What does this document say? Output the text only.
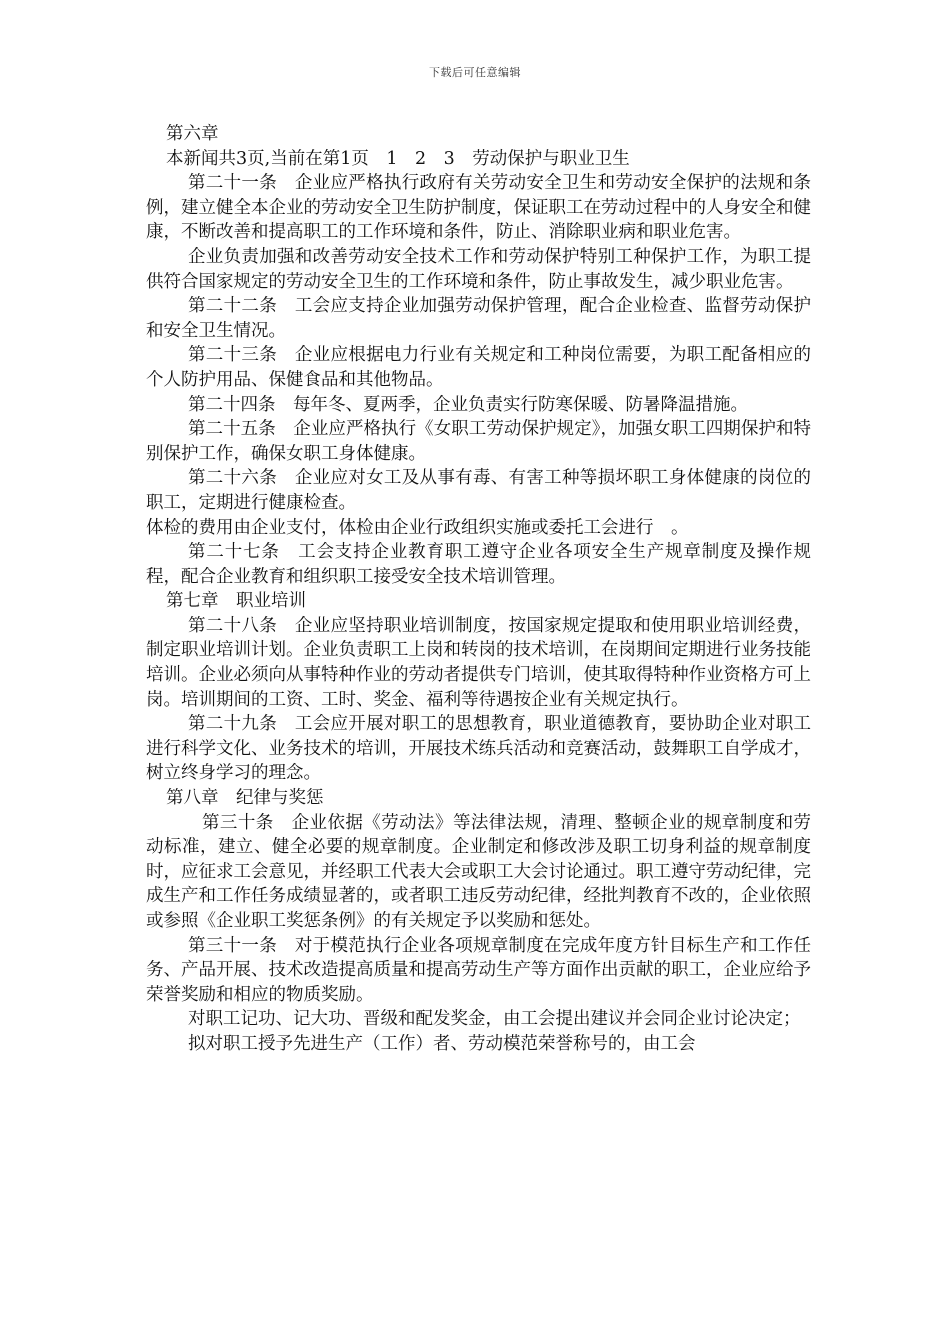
下载后可任意编辑

第六章

本新闻共3页,当前在第1页　1　2　3　劳动保护与职业卫生

第二十一条　企业应严格执行政府有关劳动安全卫生和劳动安全保护的法规和条例，建立健全本企业的劳动安全卫生防护制度，保证职工在劳动过程中的人身安全和健康，不断改善和提高职工的工作环境和条件，防止、消除职业病和职业危害。

企业负责加强和改善劳动安全技术工作和劳动保护特别工种保护工作，为职工提供符合国家规定的劳动安全卫生的工作环境和条件，防止事故发生，减少职业危害。

第二十二条　工会应支持企业加强劳动保护管理，配合企业检查、监督劳动保护和安全卫生情况。

第二十三条　企业应根据电力行业有关规定和工种岗位需要，为职工配备相应的个人防护用品、保健食品和其他物品。

第二十四条　每年冬、夏两季，企业负责实行防寒保暖、防暑降温措施。

第二十五条　企业应严格执行《女职工劳动保护规定》，加强女职工四期保护和特别保护工作，确保女职工身体健康。

第二十六条　企业应对女工及从事有毒、有害工种等损坏职工身体健康的岗位的职工，定期进行健康检查。

体检的费用由企业支付，体检由企业行政组织实施或委托工会进行　。

第二十七条　工会支持企业教育职工遵守企业各项安全生产规章制度及操作规程，配合企业教育和组织职工接受安全技术培训管理。

第七章　职业培训

第二十八条　企业应坚持职业培训制度，按国家规定提取和使用职业培训经费，制定职业培训计划。企业负责职工上岗和转岗的技术培训，在岗期间定期进行业务技能培训。企业必须向从事特种作业的劳动者提供专门培训，使其取得特种作业资格方可上岗。培训期间的工资、工时、奖金、福利等待遇按企业有关规定执行。

第二十九条　工会应开展对职工的思想教育，职业道德教育，要协助企业对职工进行科学文化、业务技术的培训，开展技术练兵活动和竞赛活动，鼓舞职工自学成才，树立终身学习的理念。

第八章　纪律与奖惩

第三十条　企业依据《劳动法》等法律法规，清理、整顿企业的规章制度和劳动标准，建立、健全必要的规章制度。企业制定和修改涉及职工切身利益的规章制度时，应征求工会意见，并经职工代表大会或职工大会讨论通过。职工遵守劳动纪律，完成生产和工作任务成绩显著的，或者职工违反劳动纪律，经批判教育不改的，企业依照或参照《企业职工奖惩条例》的有关规定予以奖励和惩处。

第三十一条　对于模范执行企业各项规章制度在完成年度方针目标生产和工作任务、产品开展、技术改造提高质量和提高劳动生产等方面作出贡献的职工，企业应给予荣誉奖励和相应的物质奖励。

对职工记功、记大功、晋级和配发奖金，由工会提出建议并会同企业讨论决定；

拟对职工授予先进生产（工作）者、劳动模范荣誉称号的，由工会
